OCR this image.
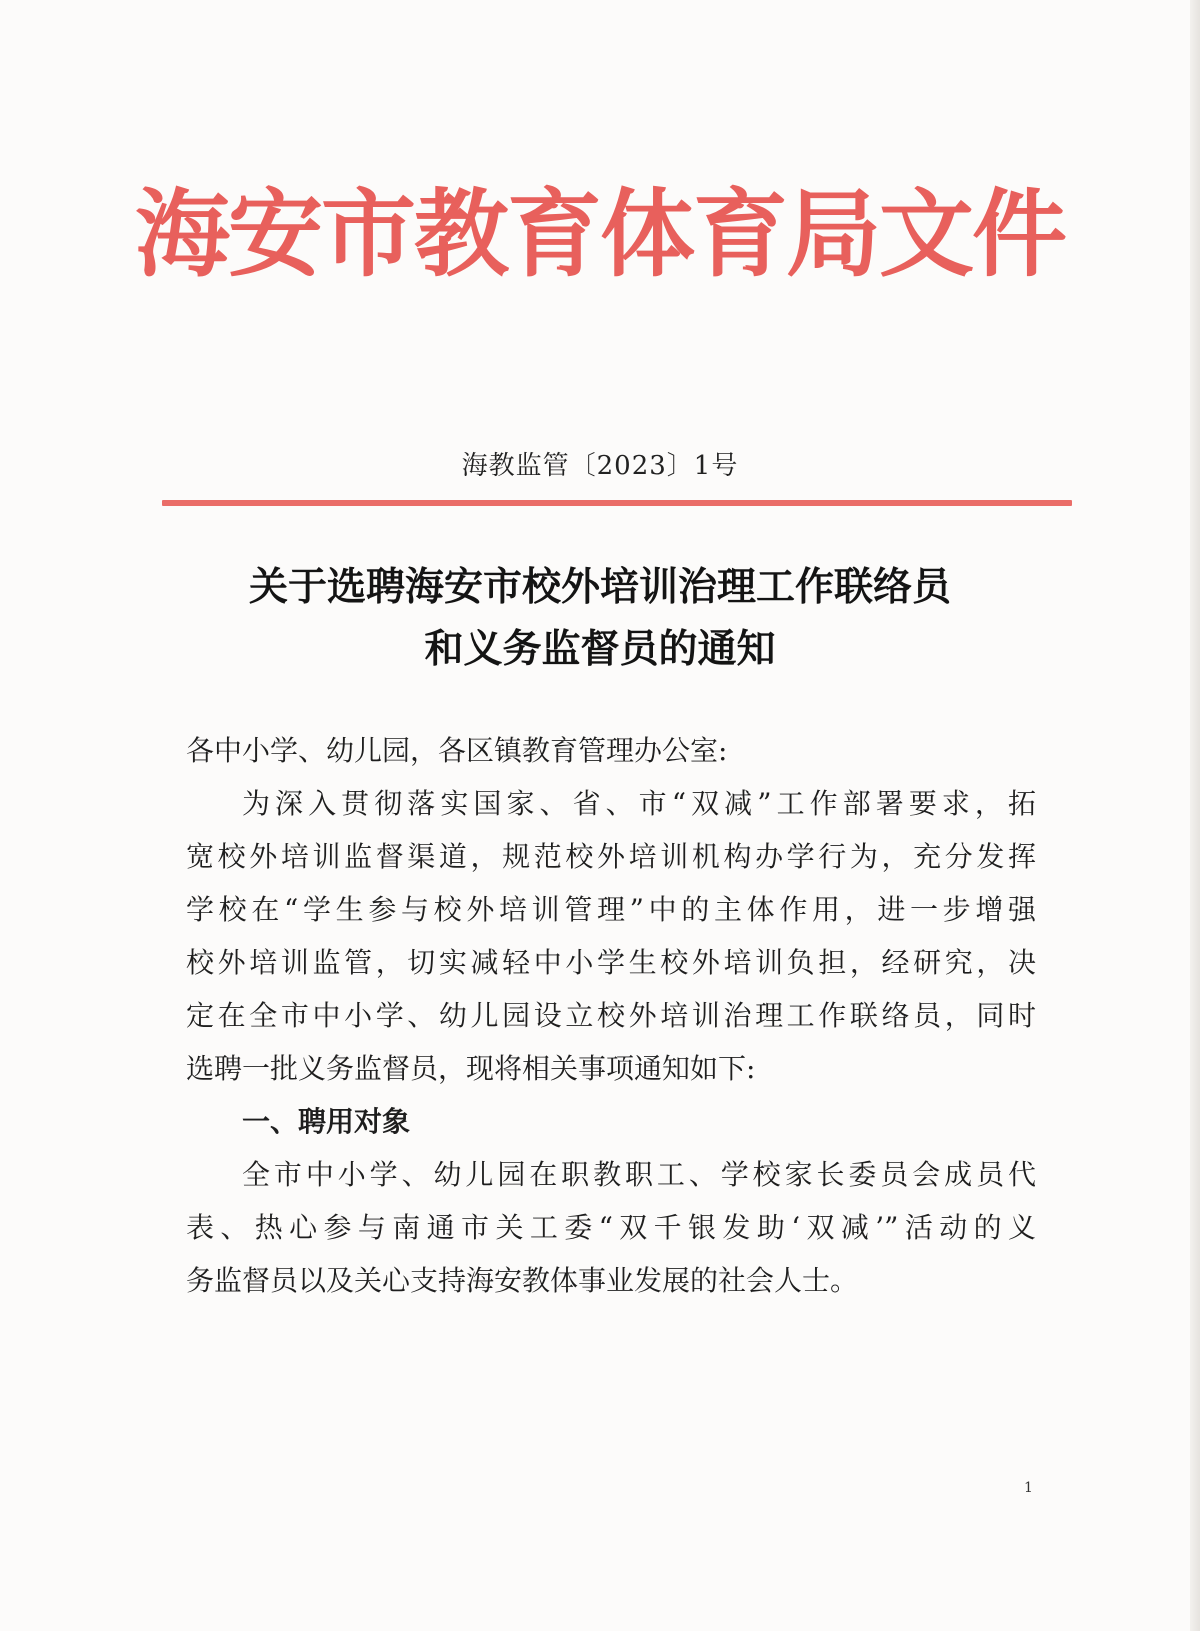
海安市教育体育局文件
海教监管〔2023〕1号
关于选聘海安市校外培训治理工作联络员
和义务监督员的通知
各中小学、幼儿园，各区镇教育管理办公室:
为深入贯彻落实国家、省、市“双减”工作部署要求，拓
宽校外培训监督渠道，规范校外培训机构办学行为，充分发挥
学校在“学生参与校外培训管理”中的主体作用，进一步增强
校外培训监管，切实减轻中小学生校外培训负担，经研究，决
定在全市中小学、幼儿园设立校外培训治理工作联络员，同时
选聘一批义务监督员，现将相关事项通知如下:
一、聘用对象
全市中小学、幼儿园在职教职工、学校家长委员会成员代
表、热心参与南通市关工委“双千银发助‘双减’”活动的义
务监督员以及关心支持海安教体事业发展的社会人士。
1
